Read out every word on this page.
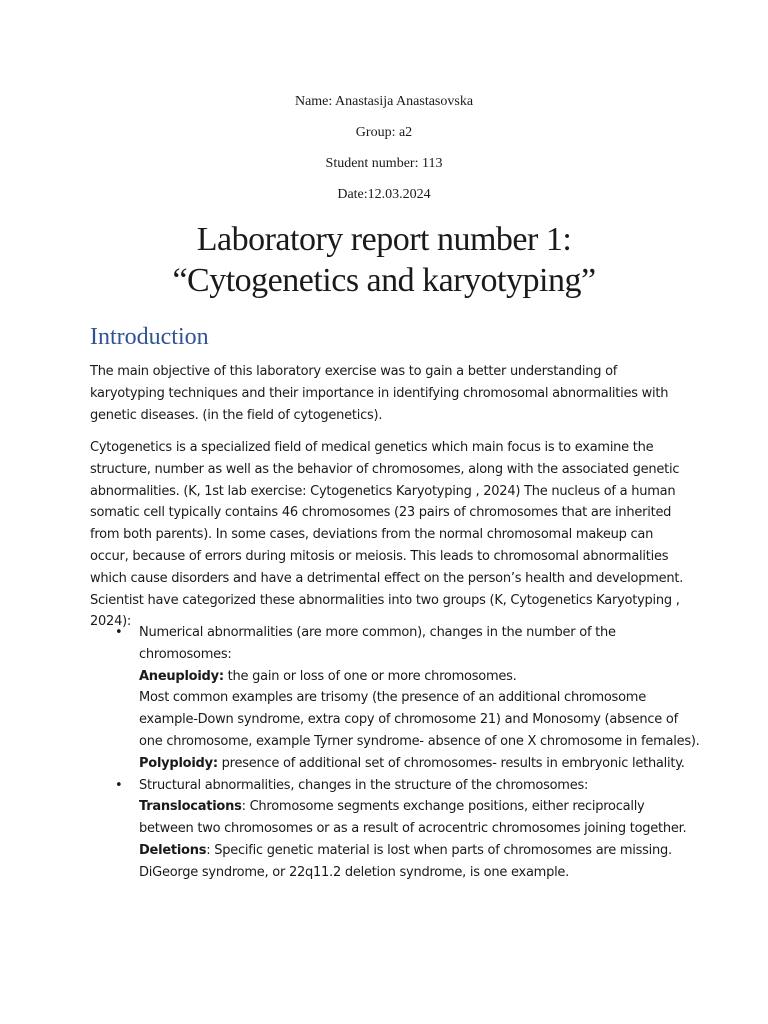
Name: Anastasija Anastasovska
Group: a2
Student number: 113
Date:12.03.2024
Laboratory report number 1:
“Cytogenetics and karyotyping”
Introduction
The main objective of this laboratory exercise was to gain a better understanding of karyotyping techniques and their importance in identifying chromosomal abnormalities with genetic diseases. (in the field of cytogenetics).
Cytogenetics is a specialized field of medical genetics which main focus is to examine the structure, number as well as the behavior of chromosomes, along with the associated genetic abnormalities. (K, 1st lab exercise: Cytogenetics Karyotyping , 2024) The nucleus of a human somatic cell typically contains 46 chromosomes (23 pairs of chromosomes that are inherited from both parents). In some cases, deviations from the normal chromosomal makeup can occur, because of errors during mitosis or meiosis. This leads to chromosomal abnormalities which cause disorders and have a detrimental effect on the person’s health and development. Scientist have categorized these abnormalities into two groups (K, Cytogenetics Karyotyping , 2024):
• Numerical abnormalities (are more common), changes in the number of the chromosomes:
Aneuploidy: the gain or loss of one or more chromosomes.
Most common examples are trisomy (the presence of an additional chromosome example-Down syndrome, extra copy of chromosome 21) and Monosomy (absence of one chromosome, example Tyrner syndrome- absence of one X chromosome in females).
Polyploidy: presence of additional set of chromosomes- results in embryonic lethality.
• Structural abnormalities, changes in the structure of the chromosomes:
Translocations: Chromosome segments exchange positions, either reciprocally between two chromosomes or as a result of acrocentric chromosomes joining together.
Deletions: Specific genetic material is lost when parts of chromosomes are missing. DiGeorge syndrome, or 22q11.2 deletion syndrome, is one example.
